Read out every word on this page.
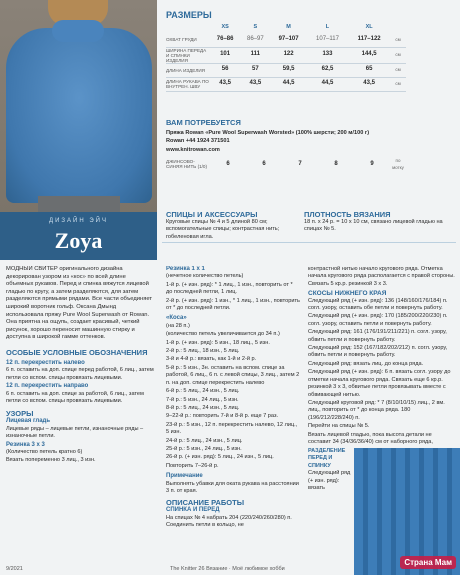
ДИЗАЙН ЭЙЧ
Zoya
РАЗМЕРЫ
	XS	S	M	L	XL	
ОХВАТ ГРУДИ	76–86	86–97	97–107	107–117	117–122	см
ШИРИНА ПЕРЕДА И СПИНКИ ИЗДЕЛИЯ	101	111	122	133	144,5	см
ДЛИНА ИЗДЕЛИЯ	56	57	59,5	62,5	65	см
ДЛИНА РУКАВА ПО ВНУТРЕН. ШВУ	43,5	43,5	44,5	44,5	43,5	см
ВАМ ПОТРЕБУЕТСЯ

Пряжа Rowan «Pure Wool Superwash Worsted» (100% шерсти; 200 м/100 г)

Rowan +44 1924 371501

www.knitrowan.com

ДЖИНСОВО-СИНЯЯ НИТЬ (1/0)	6	6	7	8	9	по мотку
СПИЦЫ И АКСЕССУАРЫ

Круговые спицы № 4 и 5 длиной 80 см; вспомогательные спицы; контрастная нить; гобеленовая игла.

ПЛОТНОСТЬ ВЯЗАНИЯ

18 п. х 24 р. = 10 х 10 см, связано лицевой гладью на спицах № 5.

МОДНЫЙ СВИТЕР оригинального дизайна декорирован узором из «кос» по всей длине объемных рукавов. Перед и спинка вяжутся лицевой гладью по кругу, а затем разделяются, для затем разделяются прямыми рядами. Все части объединяет широкий воротник гольф. Оксана Дмынд использовала пряжу Pure Wool Superwash от Rowan. Она приятна на ощупь, создает красивый, четкий рисунок, хорошо переносит машинную стирку и доступна в широкой гамме оттенков.

ОСОБЫЕ УСЛОВНЫЕ ОБОЗНАЧЕНИЯ
12 п. перекрестить налево

6 п. оставить на доп. спице перед работой, 6 лиц., затем петли со вспом. спицы провязать лицевыми.

12 п. перекрестить направо

6 п. оставить на доп. спице за работой, 6 лиц., затем петли со вспом. спицы провязать лицевыми.

УЗОРЫ
Лицевая гладь

Лицевые ряды – лицевые петли, изнаночные ряды – изнаночные петли.

Резинка 3 х 3

(Количество петель кратно 6)

Вязать попеременно 3 лиц., 3 изн.

Резинка 1 х 1

(нечетное количество петель)

1-й р. (+ изн. ряд): * 1 лиц., 1 изн., повторить от * до последней петли, 1 лиц.

2-й р. (+ изн. ряд): 1 изн., * 1 лиц., 1 изн., повторить от * до последней петли.

«Коса»

(на 28 п.)

(количество петель увеличивается до 34 п.)

1-й р. (+ изн. ряд): 5 изн., 18 лиц., 5 изн.

2-й р.: 5 лиц., 18 изн., 5 лиц.

3-й и 4-й р.: вязать, как 1-й и 2-й р.

5-й р.: 5 изн., 3н. оставить на вспом. спице за работой, 6 лиц., 6 п. с левой спицы, 3 лиц., затем 2 п. на доп. спице перекрестить налево

6-й р.: 5 лиц., 24 изн., 5 лиц.

7-й р.: 5 изн., 24 лиц., 5 изн.

8-й р.: 5 лиц., 24 изн., 5 лиц.

9–22-й р.: повторить 7-й и 8-й р. еще 7 раз.

23-й р.: 5 изн., 12 п. перекрестить налево, 12 лиц., 5 изн.

24-й р.: 5 лиц., 24 изн., 5 лиц.

25-й р.: 5 изн., 24 лиц., 5 изн.

26-й р. (+ изн. ряд): 5 лиц., 24 изн., 5 лиц.

Повторить 7–26-й р.

Примечание

Выполнять убавки для оката рукава на расстоянии 3 п. от края.

ОПИСАНИЕ РАБОТЫ
СПИНКА И ПЕРЕД

На спицах № 4 набрать 204 (220/240/260/280) п. Соединить петли в кольцо, не

контрастной нитью начало кругового ряда. Отметка начала кругового ряда располагается с правой стороны. Связать 5 кр.р. резинкой 3 х 3.

СКОСЫ НИЖНЕГО КРАЯ

Следующий ряд (+ изн. ряд): 136 (148/160/176/184) п. согл. узору, оставить обе петли и повернуть работу.

Следующий ряд (+ изн. ряд): 170 (185/200/220/230) п. согл. узору, оставить петли и повернуть работу.

Следующий ряд: 161 (176/191/211/221) п. согл. узору, обвить петли и повернуть работу.

Следующий ряд: 152 (167/182/202/212) п. согл. узору, обвить петли и повернуть работу.

Следующий ряд: вязать лиц. до конца ряда.

Следующий ряд (+ изн. ряд): 6 п. вязать согл. узору до отметки начала кругового ряда. Связать еще 6 кр.р. резинкой 3 х 3, обвитые петли провязывать вместе с обвивающей нитью.

Следующий круговой ряд: * 7 (8/10/10/15) лиц., 2 вм. лиц., повторить от * до конца ряда. 180 (196/212/228/240) п.

Перейти на спицы № 5.

Вязать лицевой гладью, пока высота детали не составит 34 (34/36/36/40) см от наборного ряда,

РАЗДЕЛЕНИЕ ПЕРЕД И СПИНКУ

Следующий ряд (+ изн. ряд): вязать

Страна Мам
9/2021	The Knitter 26 Вязание · Моё любимое хобби
